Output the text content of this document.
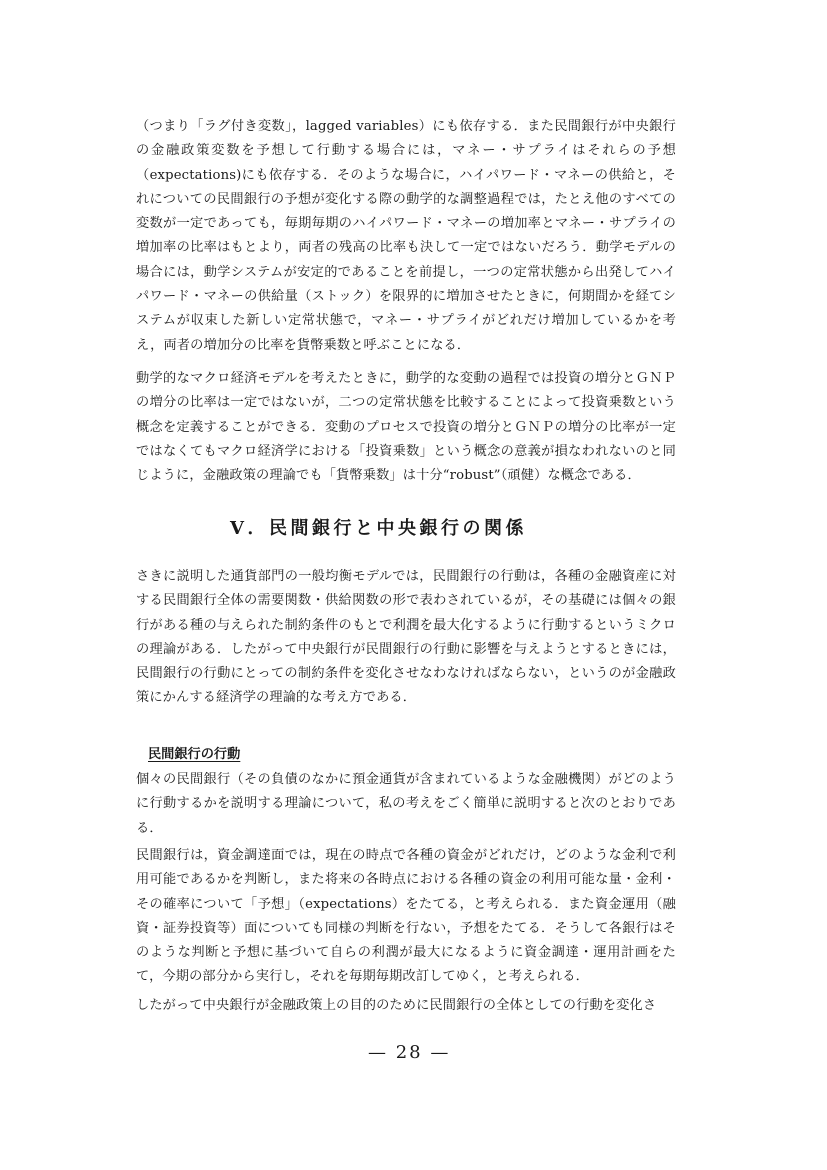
（つまり「ラグ付き変数」，lagged variables）にも依存する．また民間銀行が中央銀行の金融政策変数を予想して行動する場合には，マネー・サプライはそれらの予想（expectations)にも依存する．そのような場合に，ハイパワード・マネーの供給と，それについての民間銀行の予想が変化する際の動学的な調整過程では，たとえ他のすべての変数が一定であっても，毎期毎期のハイパワード・マネーの増加率とマネー・サプライの増加率の比率はもとより，両者の残高の比率も決して一定ではないだろう．動学モデルの場合には，動学システムが安定的であることを前提し，一つの定常状態から出発してハイパワード・マネーの供給量（ストック）を限界的に増加させたときに，何期間かを経てシステムが収束した新しい定常状態で，マネー・サプライがどれだけ増加しているかを考え，両者の増加分の比率を貨幣乗数と呼ぶことになる．

動学的なマクロ経済モデルを考えたときに，動学的な変動の過程では投資の増分とＧＮＰの増分の比率は一定ではないが，二つの定常状態を比較することによって投資乗数という概念を定義することができる．変動のプロセスで投資の増分とＧＮＰの増分の比率が一定ではなくてもマクロ経済学における「投資乗数」という概念の意義が損なわれないのと同じように，金融政策の理論でも「貨幣乗数」は十分“robust”（頑健）な概念である．

Ⅴ．民間銀行と中央銀行の関係

さきに説明した通貨部門の一般均衡モデルでは，民間銀行の行動は，各種の金融資産に対する民間銀行全体の需要関数・供給関数の形で表わされているが，その基礎には個々の銀行がある種の与えられた制約条件のもとで利潤を最大化するように行動するというミクロの理論がある．したがって中央銀行が民間銀行の行動に影響を与えようとするときには，民間銀行の行動にとっての制約条件を変化させなわなければならない，というのが金融政策にかんする経済学の理論的な考え方である．

民間銀行の行動

個々の民間銀行（その負債のなかに預金通貨が含まれているような金融機関）がどのように行動するかを説明する理論について，私の考えをごく簡単に説明すると次のとおりである．

民間銀行は，資金調達面では，現在の時点で各種の資金がどれだけ，どのような金利で利用可能であるかを判断し，また将来の各時点における各種の資金の利用可能な量・金利・その確率について「予想」（expectations）をたてる，と考えられる．また資金運用（融資・証券投資等）面についても同様の判断を行ない，予想をたてる．そうして各銀行はそのような判断と予想に基づいて自らの利潤が最大になるように資金調達・運用計画をたて，今期の部分から実行し，それを毎期毎期改訂してゆく，と考えられる．

したがって中央銀行が金融政策上の目的のために民間銀行の全体としての行動を変化さ

— 28 —
